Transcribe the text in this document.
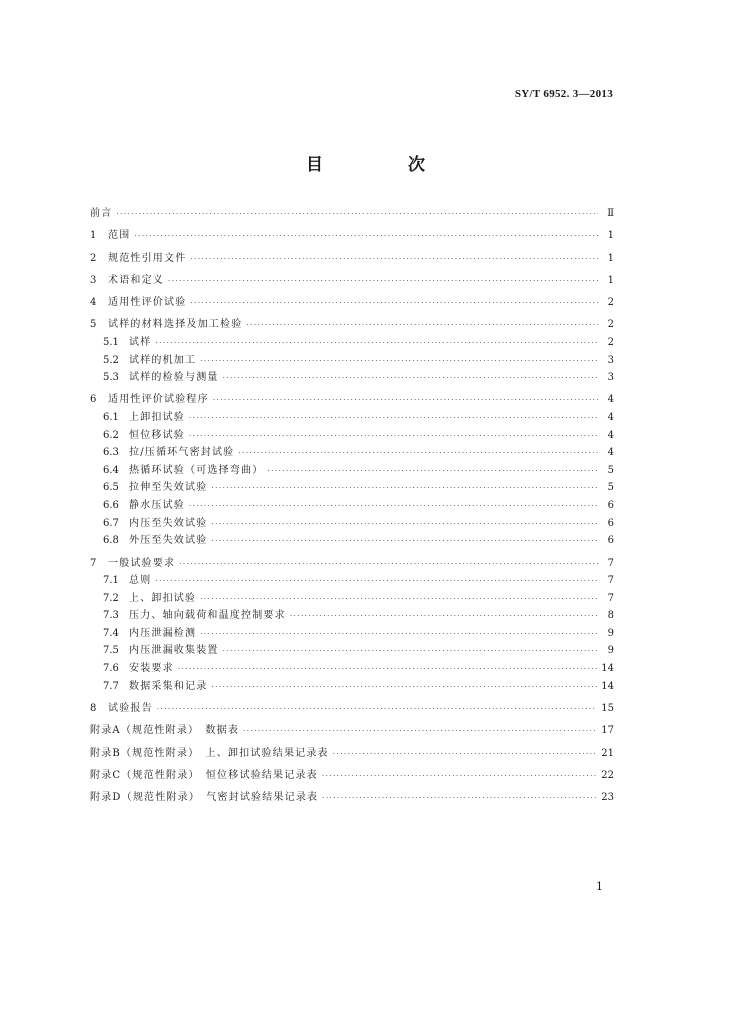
SY/T 6952. 3—2013
目　次
前言 ·····	Ⅱ
1	范围 ·····	1
2	规范性引用文件 ·····	1
3	术语和定义 ·····	1
4	适用性评价试验 ·····	2
5	试样的材料选择及加工检验 ·····	2
5.1	试样 ·····	2
5.2	试样的机加工 ·····	3
5.3	试样的检验与测量 ·····	3
6	适用性评价试验程序 ·····	4
6.1	上卸扣试验 ·····	4
6.2	恒位移试验 ·····	4
6.3	拉/压循环气密封试验 ·····	4
6.4	热循环试验（可选择弯曲） ·····	5
6.5	拉伸至失效试验 ·····	5
6.6	静水压试验 ·····	6
6.7	内压至失效试验 ·····	6
6.8	外压至失效试验 ·····	6
7	一般试验要求 ·····	7
7.1	总则 ·····	7
7.2	上、卸扣试验 ·····	7
7.3	压力、轴向载荷和温度控制要求 ·····	8
7.4	内压泄漏检测 ·····	9
7.5	内压泄漏收集装置 ·····	9
7.6	安装要求 ·····	14
7.7	数据采集和记录 ·····	14
8	试验报告 ·····	15
附录A（规范性附录）　数据表 ·····	17
附录B（规范性附录）　上、卸扣试验结果记录表 ·····	21
附录C（规范性附录）　恒位移试验结果记录表 ·····	22
附录D（规范性附录）　气密封试验结果记录表 ·····	23
1
